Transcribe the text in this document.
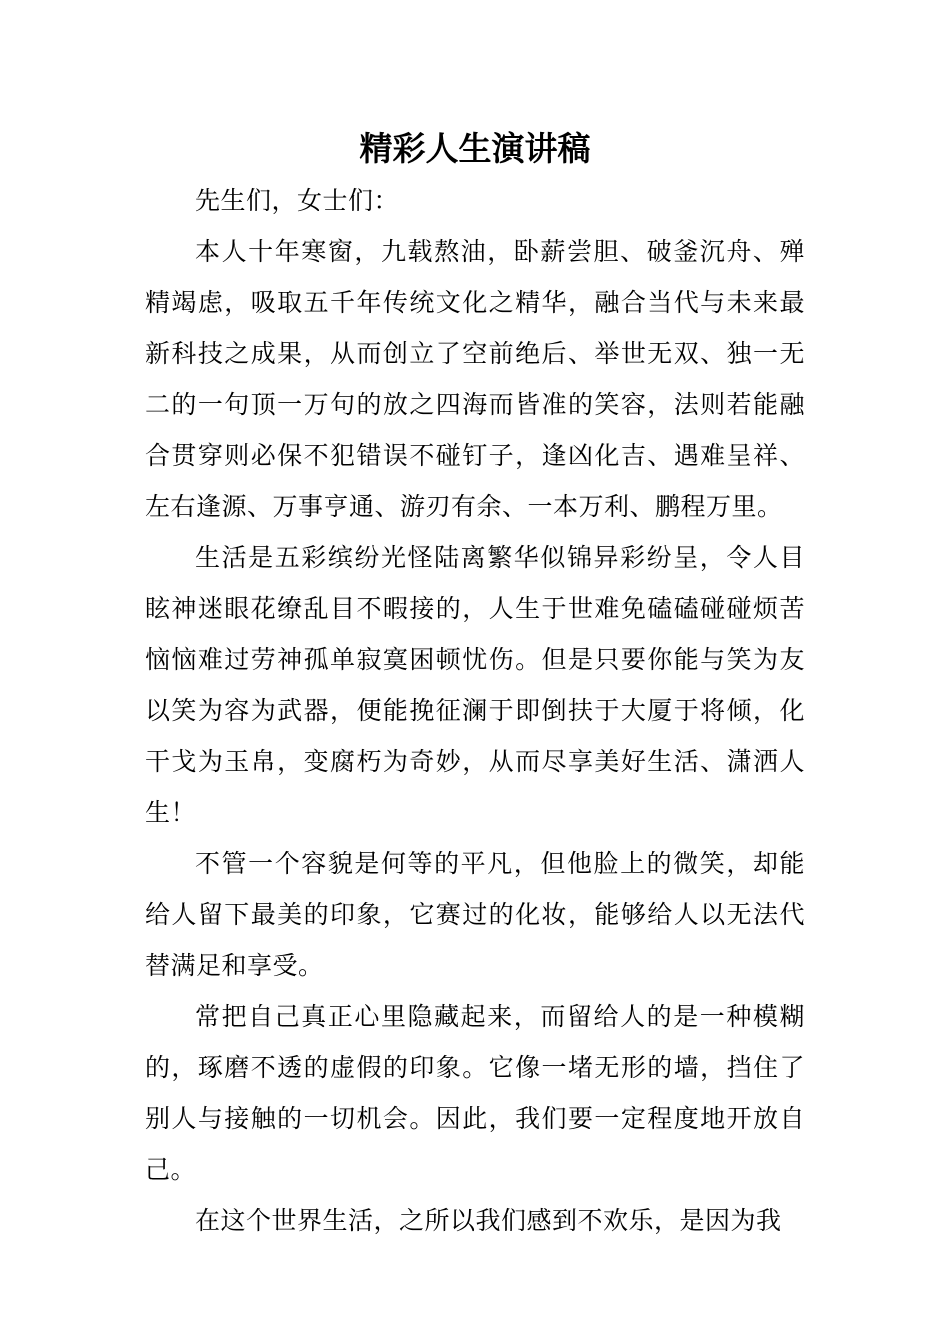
精彩人生演讲稿

先生们，女士们：

本人十年寒窗，九载熬油，卧薪尝胆、破釜沉舟、殚精竭虑，吸取五千年传统文化之精华，融合当代与未来最新科技之成果，从而创立了空前绝后、举世无双、独一无二的一句顶一万句的放之四海而皆准的笑容，法则若能融合贯穿则必保不犯错误不碰钉子，逢凶化吉、遇难呈祥、左右逢源、万事亨通、游刃有余、一本万利、鹏程万里。

生活是五彩缤纷光怪陆离繁华似锦异彩纷呈，令人目眩神迷眼花缭乱目不暇接的，人生于世难免磕磕碰碰烦苦恼恼难过劳神孤单寂寞困顿忧伤。但是只要你能与笑为友以笑为容为武器，便能挽征澜于即倒扶于大厦于将倾，化干戈为玉帛，变腐朽为奇妙，从而尽享美好生活、潇洒人生！

不管一个容貌是何等的平凡，但他脸上的微笑，却能给人留下最美的印象，它赛过的化妆，能够给人以无法代替满足和享受。

常把自己真正心里隐藏起来，而留给人的是一种模糊的，琢磨不透的虚假的印象。它像一堵无形的墙，挡住了别人与接触的一切机会。因此，我们要一定程度地开放自己。

在这个世界生活，之所以我们感到不欢乐，是因为我
